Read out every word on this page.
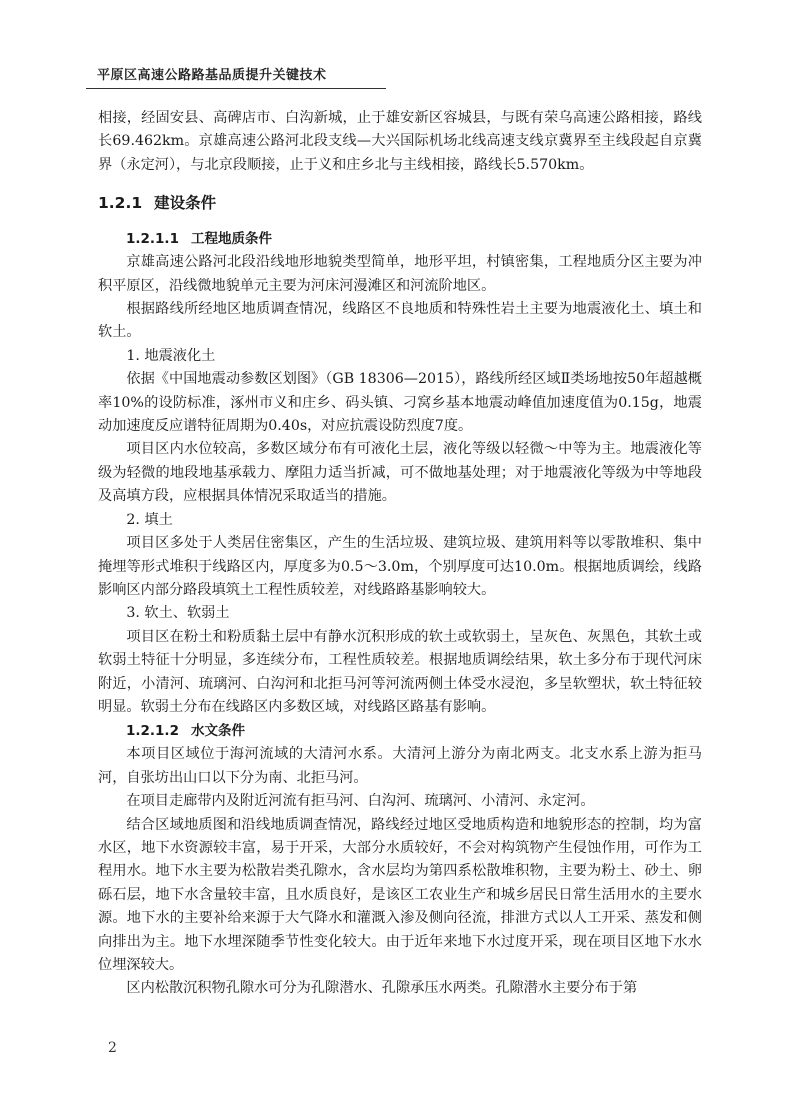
平原区高速公路路基品质提升关键技术

相接，经固安县、高碑店市、白沟新城，止于雄安新区容城县，与既有荣乌高速公路相接，路线长69.462km。京雄高速公路河北段支线—大兴国际机场北线高速支线京冀界至主线段起自京冀界（永定河），与北京段顺接，止于义和庄乡北与主线相接，路线长5.570km。

1.2.1 建设条件
1.2.1.1 工程地质条件

京雄高速公路河北段沿线地形地貌类型简单，地形平坦，村镇密集，工程地质分区主要为冲积平原区，沿线微地貌单元主要为河床河漫滩区和河流阶地区。

根据路线所经地区地质调查情况，线路区不良地质和特殊性岩土主要为地震液化土、填土和软土。

1. 地震液化土

依据《中国地震动参数区划图》（GB 18306—2015），路线所经区域Ⅱ类场地按50年超越概率10%的设防标准，涿州市义和庄乡、码头镇、刁窝乡基本地震动峰值加速度值为0.15g，地震动加速度反应谱特征周期为0.40s，对应抗震设防烈度7度。

项目区内水位较高，多数区域分布有可液化土层，液化等级以轻微～中等为主。地震液化等级为轻微的地段地基承载力、摩阻力适当折减，可不做地基处理；对于地震液化等级为中等地段及高填方段，应根据具体情况采取适当的措施。

2. 填土

项目区多处于人类居住密集区，产生的生活垃圾、建筑垃圾、建筑用料等以零散堆积、集中掩埋等形式堆积于线路区内，厚度多为0.5～3.0m，个别厚度可达10.0m。根据地质调绘，线路影响区内部分路段填筑土工程性质较差，对线路路基影响较大。

3. 软土、软弱土

项目区在粉土和粉质黏土层中有静水沉积形成的软土或软弱土，呈灰色、灰黑色，其软土或软弱土特征十分明显，多连续分布，工程性质较差。根据地质调绘结果，软土多分布于现代河床附近，小清河、琉璃河、白沟河和北拒马河等河流两侧土体受水浸泡，多呈软塑状，软土特征较明显。软弱土分布在线路区内多数区域，对线路区路基有影响。

1.2.1.2 水文条件

本项目区域位于海河流域的大清河水系。大清河上游分为南北两支。北支水系上游为拒马河，自张坊出山口以下分为南、北拒马河。

在项目走廊带内及附近河流有拒马河、白沟河、琉璃河、小清河、永定河。

结合区域地质图和沿线地质调查情况，路线经过地区受地质构造和地貌形态的控制，均为富水区，地下水资源较丰富，易于开采，大部分水质较好，不会对构筑物产生侵蚀作用，可作为工程用水。地下水主要为松散岩类孔隙水，含水层均为第四系松散堆积物，主要为粉土、砂土、卵砾石层，地下水含量较丰富，且水质良好，是该区工农业生产和城乡居民日常生活用水的主要水源。地下水的主要补给来源于大气降水和灌溉入渗及侧向径流，排泄方式以人工开采、蒸发和侧向排出为主。地下水埋深随季节性变化较大。由于近年来地下水过度开采，现在项目区地下水水位埋深较大。

区内松散沉积物孔隙水可分为孔隙潜水、孔隙承压水两类。孔隙潜水主要分布于第

2
